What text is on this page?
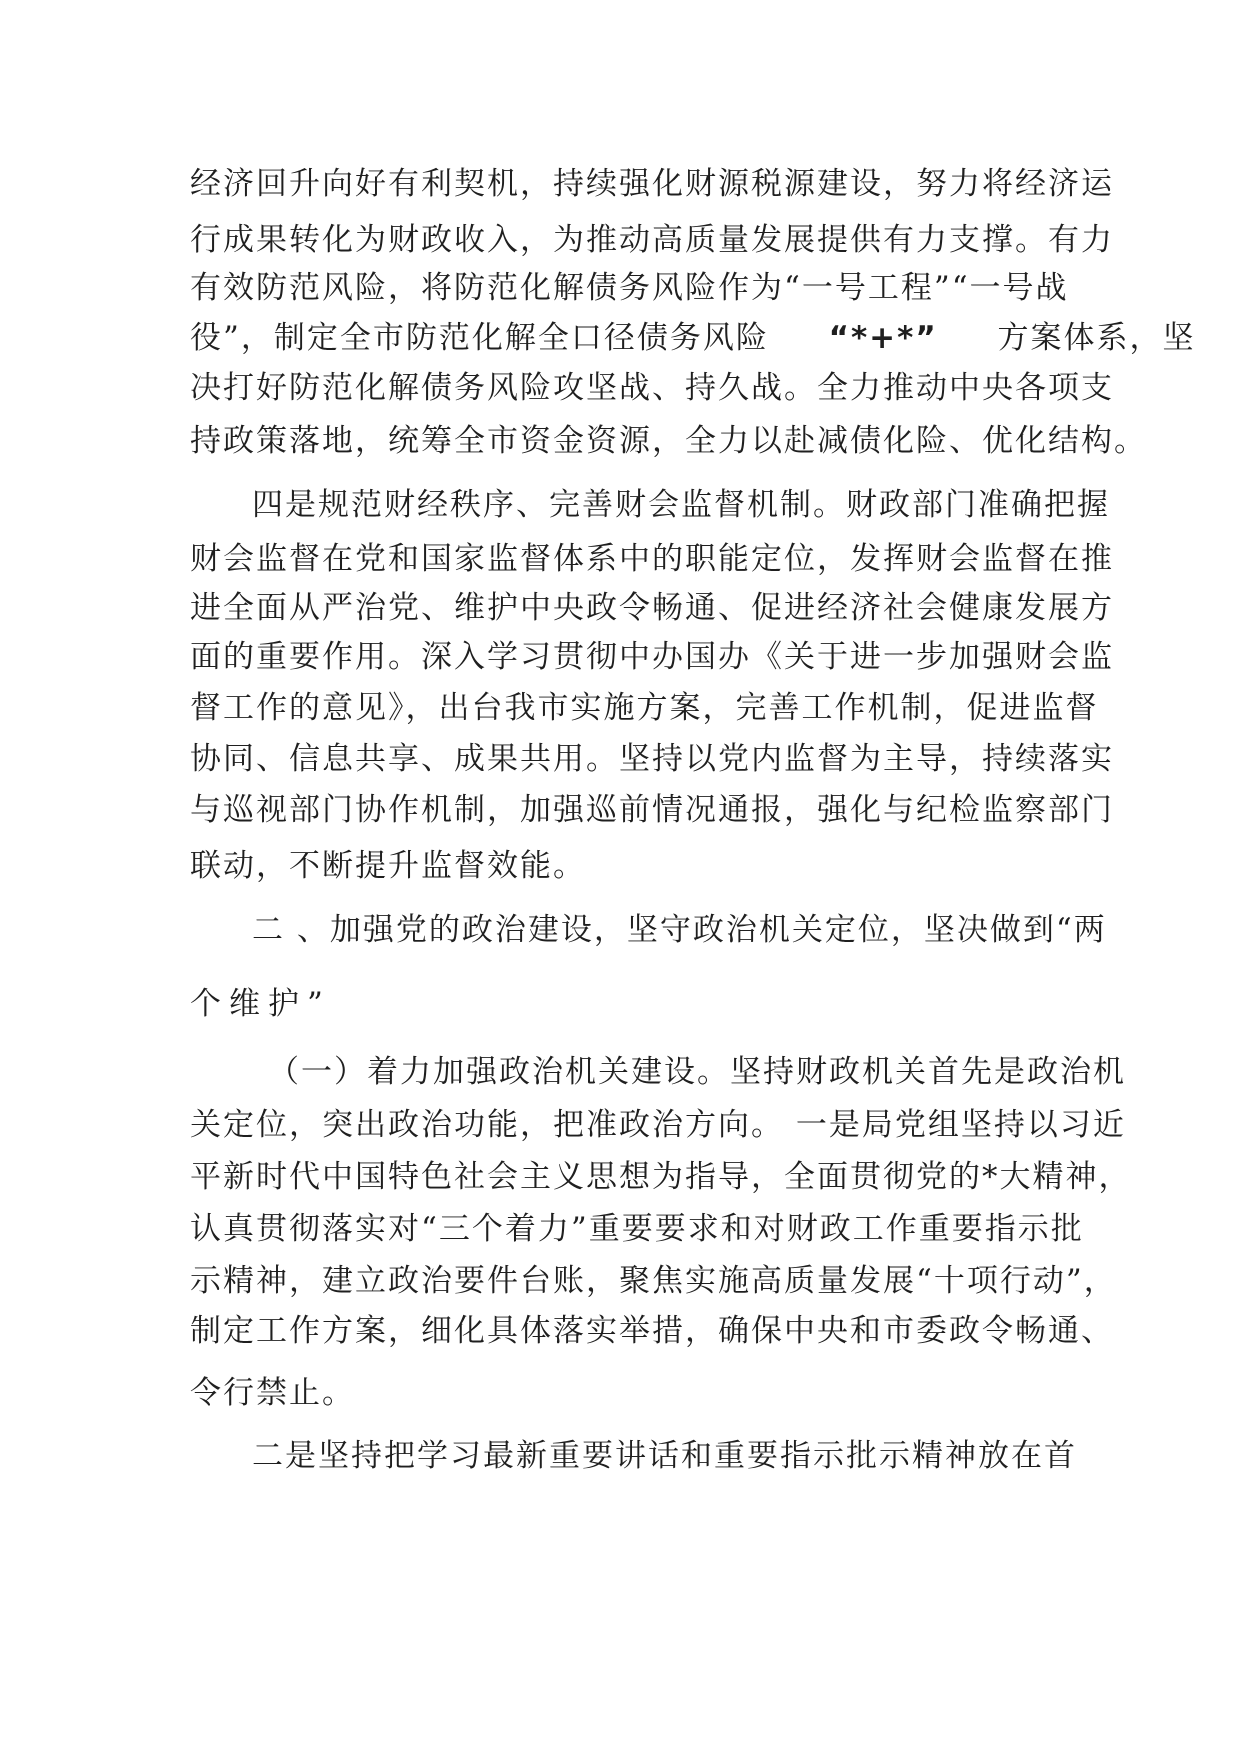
经济回升向好有利契机，持续强化财源税源建设，努力将经济运
行成果转化为财政收入，为推动高质量发展提供有力支撑。有力
有效防范风险，将防范化解债务风险作为“一号工程”“一号战
役”，制定全市防范化解全口径债务风险 “*+*” 方案体系，坚
决打好防范化解债务风险攻坚战、持久战。全力推动中央各项支
持政策落地，统筹全市资金资源，全力以赴减债化险、优化结构。
四是规范财经秩序、完善财会监督机制。财政部门准确把握
财会监督在党和国家监督体系中的职能定位，发挥财会监督在推
进全面从严治党、维护中央政令畅通、促进经济社会健康发展方
面的重要作用。深入学习贯彻中办国办《关于进一步加强财会监
督工作的意见》，出台我市实施方案，完善工作机制，促进监督
协同、信息共享、成果共用。坚持以党内监督为主导，持续落实
与巡视部门协作机制，加强巡前情况通报，强化与纪检监察部门
联动，不断提升监督效能。
二 、加强党的政治建设，坚守政治机关定位，坚决做到“两
个维护”
（一）着力加强政治机关建设。坚持财政机关首先是政治机
关定位，突出政治功能，把准政治方向。 一是局党组坚持以习近
平新时代中国特色社会主义思想为指导，全面贯彻党的*大精神，
认真贯彻落实对“三个着力”重要要求和对财政工作重要指示批
示精神，建立政治要件台账，聚焦实施高质量发展“十项行动”，
制定工作方案，细化具体落实举措，确保中央和市委政令畅通、
令行禁止。
二是坚持把学习最新重要讲话和重要指示批示精神放在首
